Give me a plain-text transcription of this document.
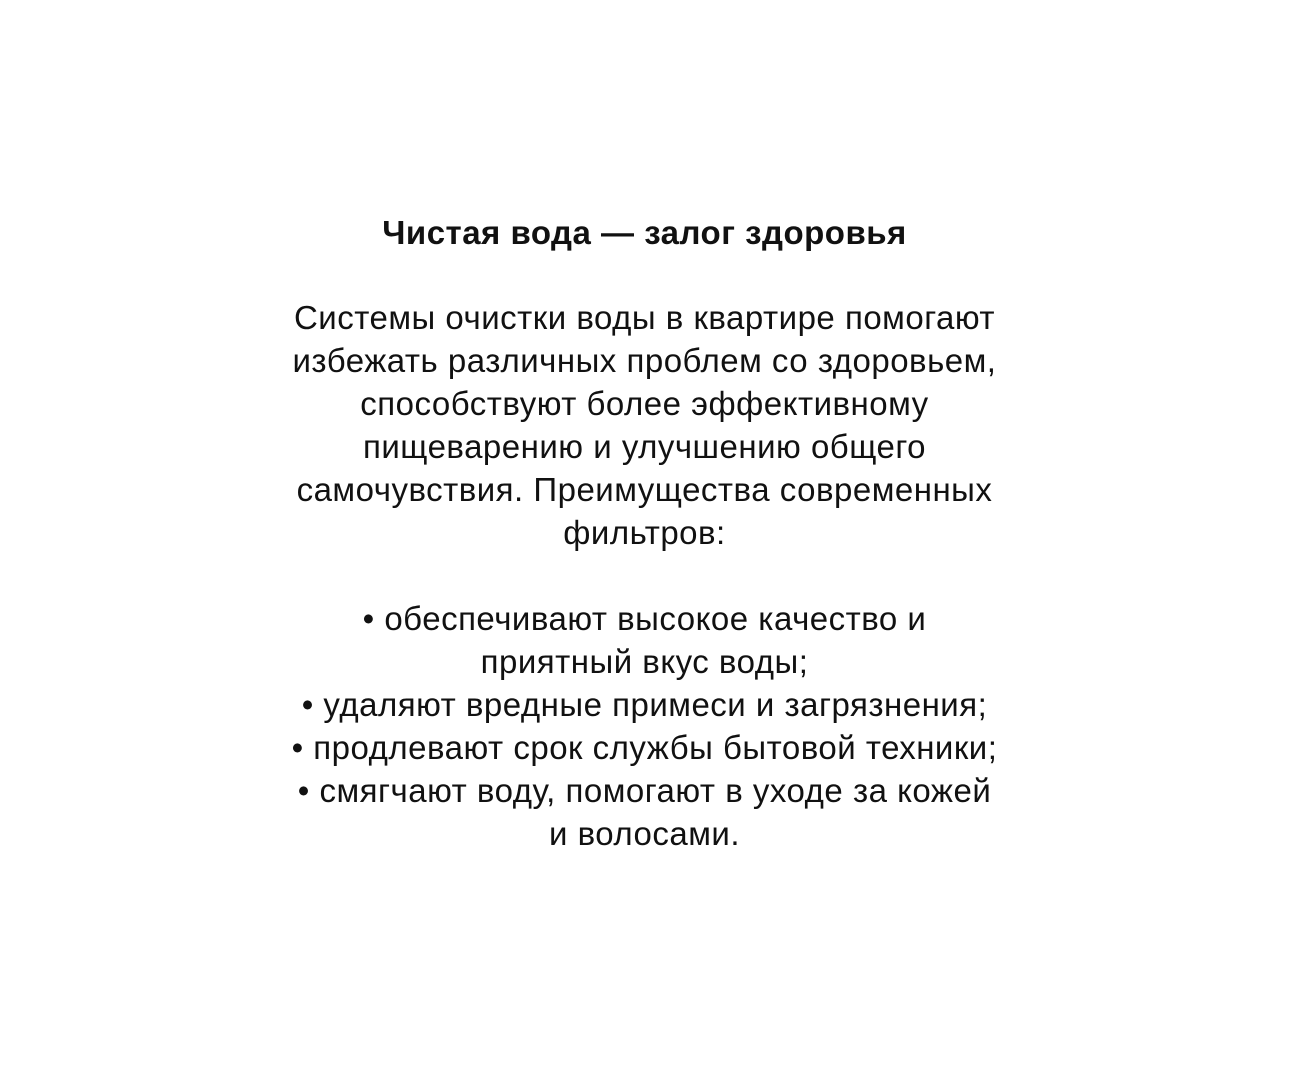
Чистая вода — залог здоровья
Системы очистки воды в квартире помогают
избежать различных проблем со здоровьем,
способствуют более эффективному
пищеварению и улучшению общего
самочувствия. Преимущества современных
фильтров:
• обеспечивают высокое качество и
приятный вкус воды;
• удаляют вредные примеси и загрязнения;
• продлевают срок службы бытовой техники;
• смягчают воду, помогают в уходе за кожей
и волосами.
